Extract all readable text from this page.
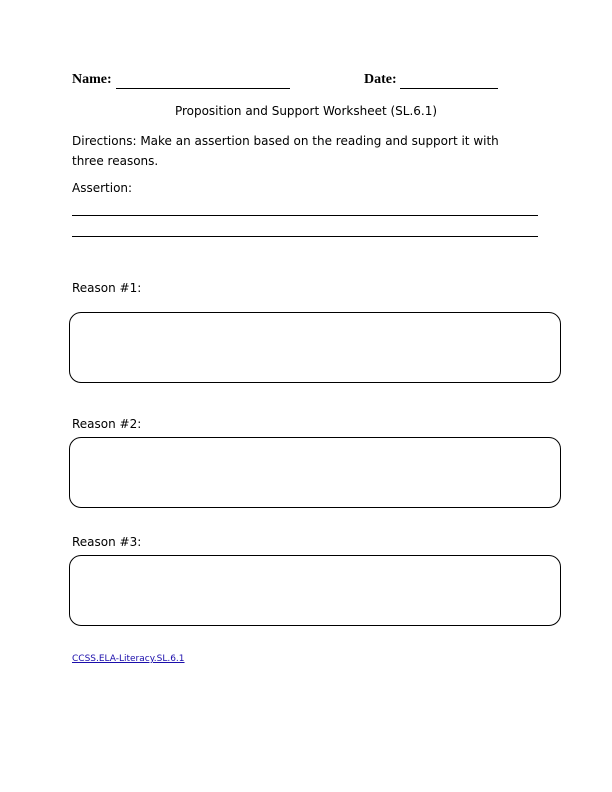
Name:	Date:
Proposition and Support Worksheet (SL.6.1)
Directions: Make an assertion based on the reading and support it with three reasons.
Assertion:
Reason #1:
Reason #2:
Reason #3:
CCSS.ELA-Literacy.SL.6.1
